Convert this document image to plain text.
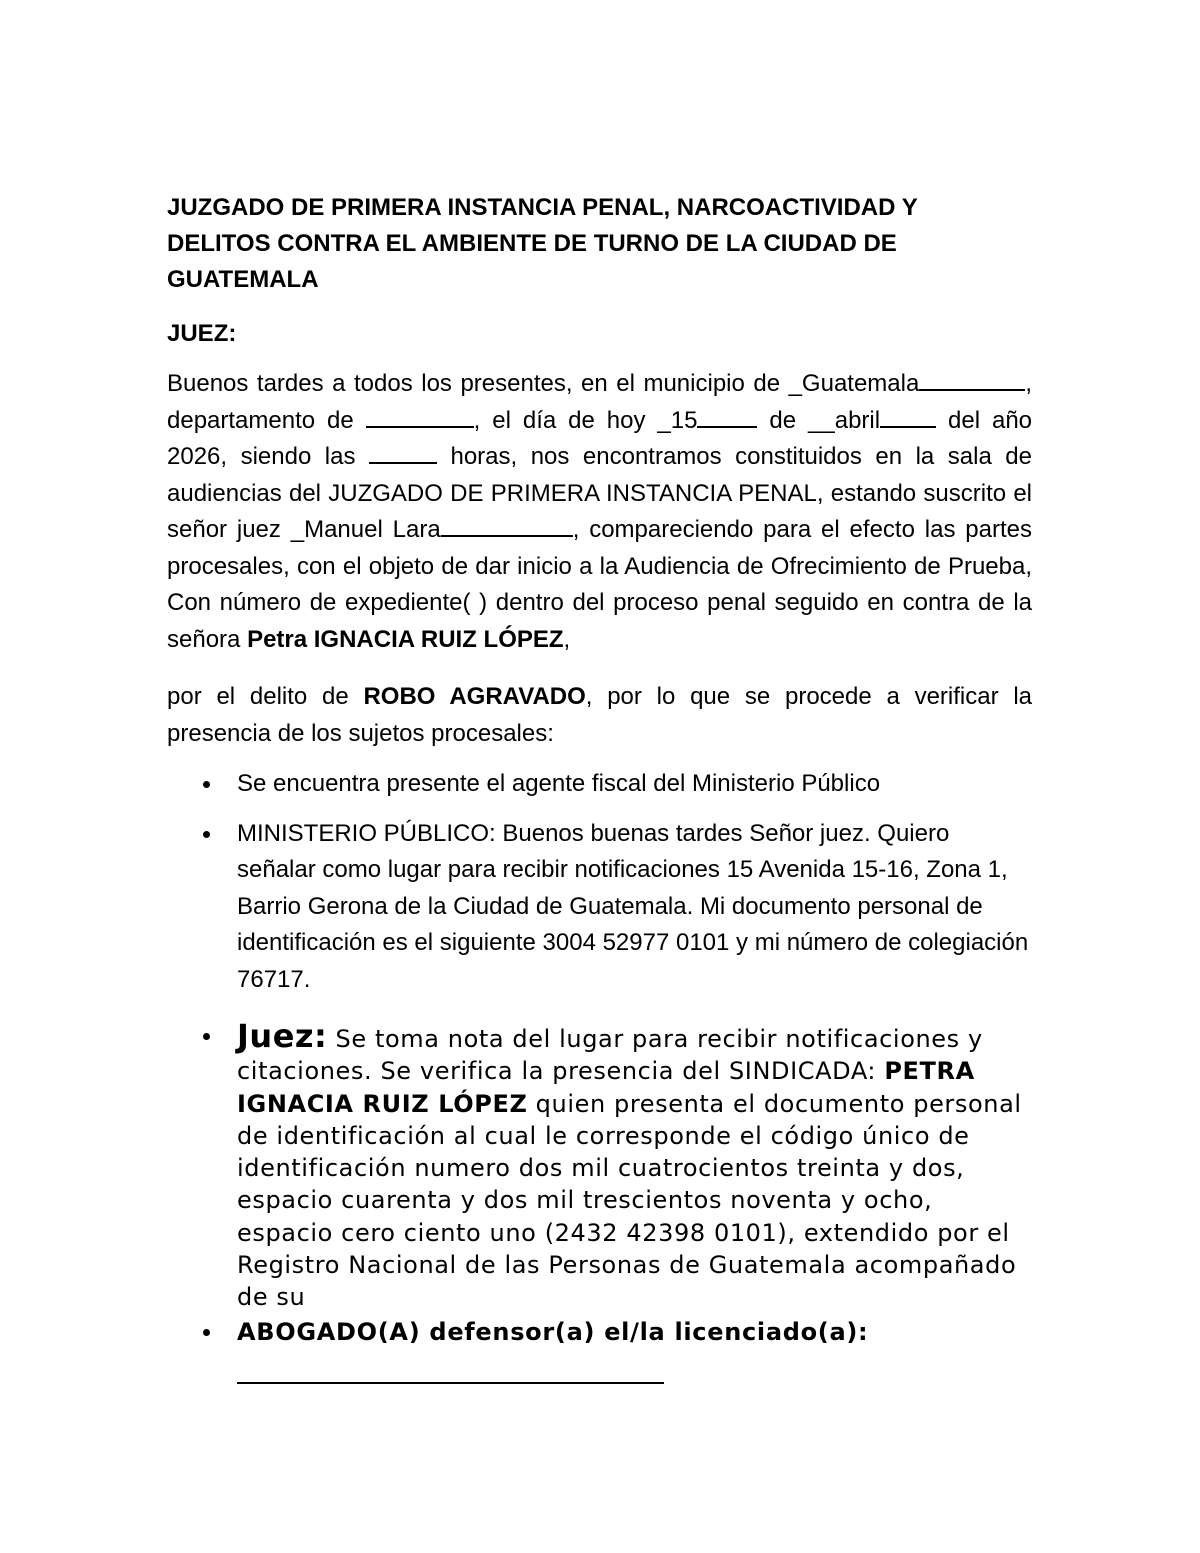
JUZGADO DE PRIMERA INSTANCIA PENAL, NARCOACTIVIDAD Y
DELITOS CONTRA EL AMBIENTE DE TURNO DE LA CIUDAD DE
GUATEMALA
JUEZ:

Buenos tardes a todos los presentes, en el municipio de _Guatemala	, departamento de	, el día de hoy _15	de __abril del año 2026, siendo las	horas, nos encontramos constituidos en la sala de audiencias del JUZGADO DE PRIMERA INSTANCIA PENAL, estando suscrito el señor juez _Manuel Lara	, compareciendo para el efecto las partes procesales, con el objeto de dar inicio a la Audiencia de Ofrecimiento de Prueba, Con número de expediente( ) dentro del proceso penal seguido en contra de la señora Petra IGNACIA RUIZ LÓPEZ,

por el delito de ROBO AGRAVADO, por lo que se procede a verificar la presencia de los sujetos procesales:

Se encuentra presente el agente fiscal del Ministerio Público
MINISTERIO PÚBLICO: Buenos buenas tardes Señor juez. Quiero señalar como lugar para recibir notificaciones 15 Avenida 15-16, Zona 1, Barrio Gerona de la Ciudad de Guatemala. Mi documento personal de identificación es el siguiente 3004 52977 0101 y mi número de colegiación 76717.
Juez: Se toma nota del lugar para recibir notificaciones y citaciones. Se verifica la presencia del SINDICADA: PETRA IGNACIA RUIZ LÓPEZ quien presenta el documento personal de identificación al cual le corresponde el código único de identificación numero dos mil cuatrocientos treinta y dos, espacio cuarenta y dos mil trescientos noventa y ocho, espacio cero ciento uno (2432 42398 0101), extendido por el Registro Nacional de las Personas de Guatemala acompañado de su
ABOGADO(A) defensor(a) el/la licenciado(a):
